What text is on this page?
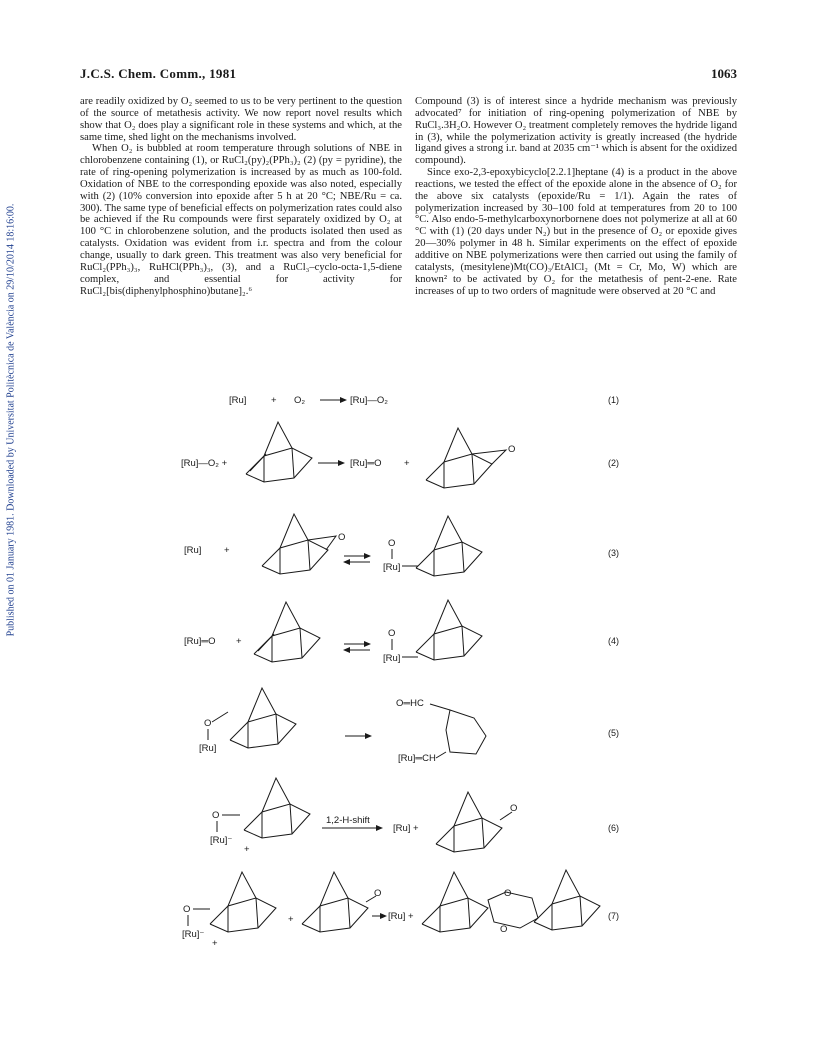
Published on 01 January 1981. Downloaded by Universitat Politècnica de València on 29/10/2014 18:16:00.
J.C.S. Chem. Comm., 1981	1063

are readily oxidized by O₂ seemed to us to be very pertinent to the question of the source of metathesis activity. We now report novel results which show that O₂ does play a significant role in these systems and which, at the same time, shed light on the mechanisms involved.

When O₂ is bubbled at room temperature through solutions of NBE in chlorobenzene containing (1), or RuCl₂(py)₂(PPh₃)₂ (2) (py = pyridine), the rate of ring-opening polymerization is increased by as much as 100-fold. Oxidation of NBE to the corresponding epoxide was also noted, especially with (2) (10% conversion into epoxide after 5 h at 20 °C; NBE/Ru = ca. 300). The same type of beneficial effects on polymerization rates could also be achieved if the Ru compounds were first separately oxidized by O₂ at 100 °C in chlorobenzene solution, and the products isolated then used as catalysts. Oxidation was evident from i.r. spectra and from the colour change, usually to dark green. This treatment was also very beneficial for RuCl₂(PPh₃)₃, RuHCl(PPh₃)₃, (3), and a RuCl₃–cyclo-octa-1,5-diene complex, and essential for activity for RuCl₂[bis(diphenylphosphino)butane]₂.⁶

Compound (3) is of interest since a hydride mechanism was previously advocated⁷ for initiation of ring-opening polymerization of NBE by RuCl₃.3H₂O. However O₂ treatment completely removes the hydride ligand in (3), while the polymerization activity is greatly increased (the hydride ligand gives a strong i.r. band at 2035 cm⁻¹ which is absent for the oxidized compound).

Since exo-2,3-epoxybicyclo[2.2.1]heptane (4) is a product in the above reactions, we tested the effect of the epoxide alone in the absence of O₂ for the above six catalysts (epoxide/Ru = 1/1). Again the rates of polymerization increased by 30–100 fold at temperatures from 20 to 100 °C. Also endo-5-methylcarboxynorbornene does not polymerize at all at 60 °C with (1) (20 days under N₂) but in the presence of O₂ or epoxide gives 20—30% polymer in 48 h. Similar experiments on the effect of epoxide additive on NBE polymerizations were then carried out using the family of catalysts, (mesitylene)Mt(CO)₃/EtAlCl₂ (Mt = Cr, Mo, W) which are known² to be activated by O₂ for the metathesis of pent-2-ene. Rate increases of up to two orders of magnitude were observed at 20 °C and

[Ru]	+ O₂	[Ru]—O₂	(1)
[Ru]—O₂ +	[Ru]═O +
O
(2)
[Ru] +
O
O
[Ru]
(3)
[Ru]═O +
O
[Ru]
(4)
O
[Ru]
O═HC
[Ru]═CH
(5)
O
[Ru]⁻
+
1,2-H-shift
[Ru] +
O
(6)
O
[Ru]⁻
+
+
O
[Ru] +
O
O
(7)
